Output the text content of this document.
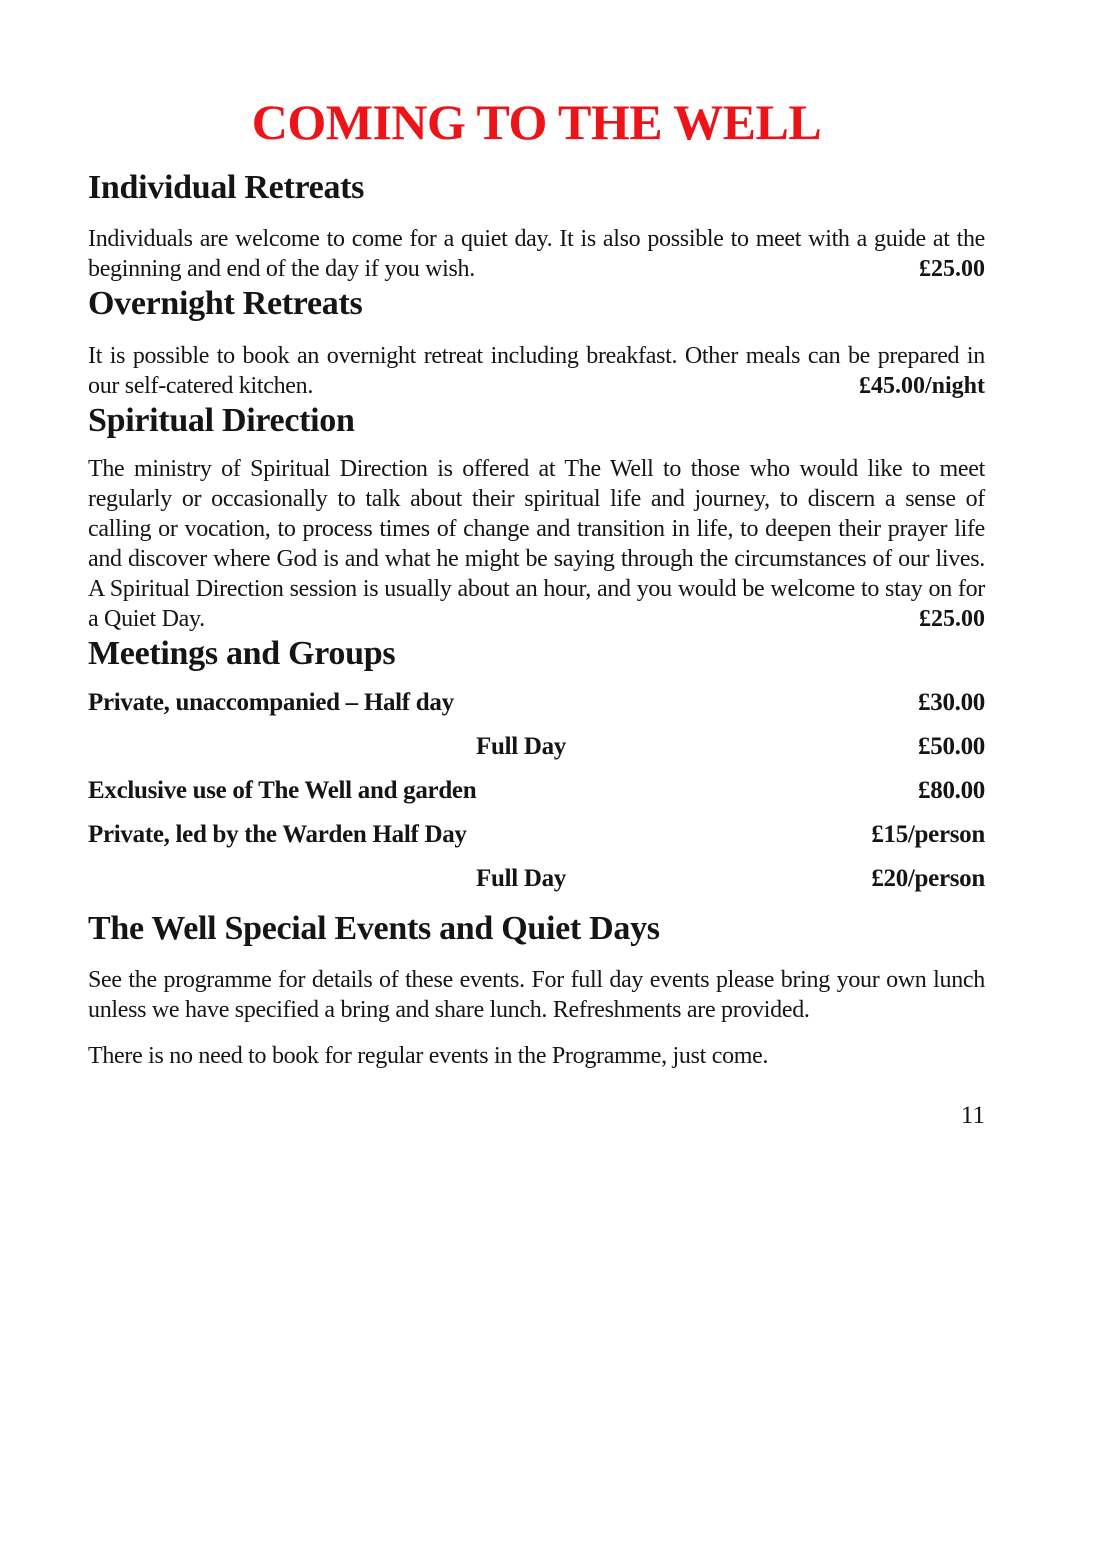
COMING TO THE WELL
Individual Retreats

Individuals are welcome to come for a quiet day. It is also possible to meet with a guide at the beginning and end of the day if you wish.	£25.00

Overnight Retreats

It is possible to book an overnight retreat including breakfast. Other meals can be prepared in our self-catered kitchen.	£45.00/night

Spiritual Direction

The ministry of Spiritual Direction is offered at The Well to those who would like to meet regularly or occasionally to talk about their spiritual life and journey, to discern a sense of calling or vocation, to process times of change and transition in life, to deepen their prayer life and discover where God is and what he might be saying through the circumstances of our lives. A Spiritual Direction session is usually about an hour, and you would be welcome to stay on for a Quiet Day.	£25.00

Meetings and Groups
Private, unaccompanied – Half day	£30.00
Full Day	£50.00
Exclusive use of The Well and garden	£80.00
Private, led by the Warden Half Day	£15/person
Full Day	£20/person
The Well Special Events and Quiet Days

See the programme for details of these events. For full day events please bring your own lunch unless we have specified a bring and share lunch. Refreshments are provided.

There is no need to book for regular events in the Programme, just come.

11
